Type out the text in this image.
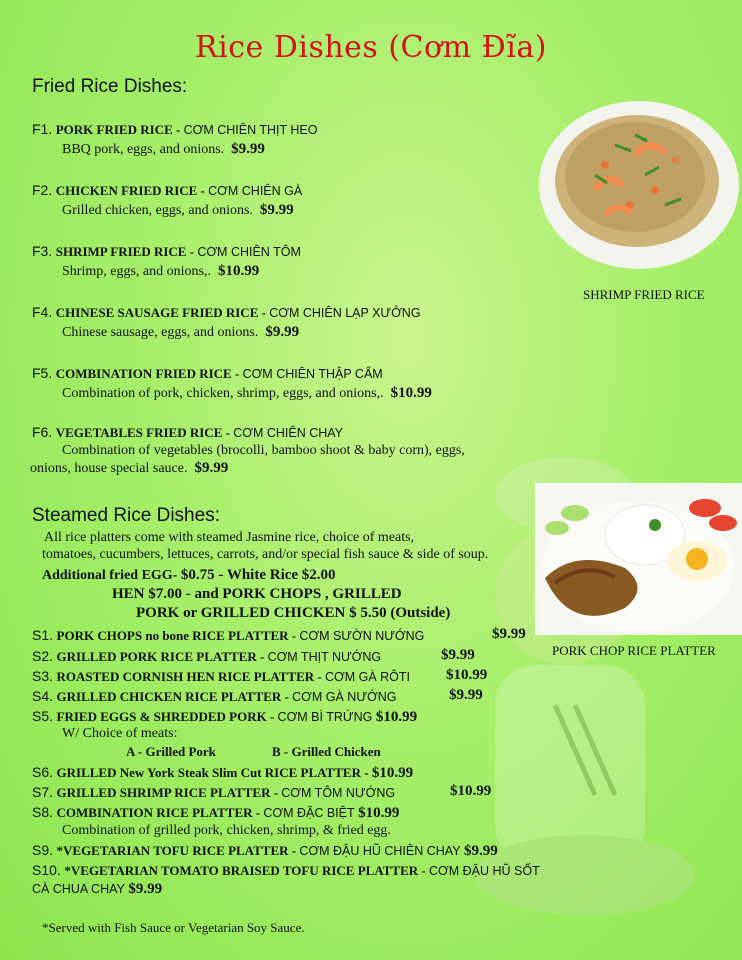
Rice Dishes (Cơm Đĩa)
Fried Rice Dishes:
F1. PORK FRIED RICE - CƠM CHIÊN THỊT HEO
BBQ pork, eggs, and onions. $9.99
F2. CHICKEN FRIED RICE - CƠM CHIÊN GÀ
Grilled chicken, eggs, and onions. $9.99
F3. SHRIMP FRIED RICE - CƠM CHIÊN TÔM
Shrimp, eggs, and onions,. $10.99
F4. CHINESE SAUSAGE FRIED RICE - CƠM CHIÊN LẠP XƯỞNG
Chinese sausage, eggs, and onions. $9.99
F5. COMBINATION FRIED RICE - CƠM CHIÊN THẬP CẨM
Combination of pork, chicken, shrimp, eggs, and onions,. $10.99
F6. VEGETABLES FRIED RICE - CƠM CHIÊN CHAY
Combination of vegetables (brocolli, bamboo shoot & baby corn), eggs,
onions, house special sauce. $9.99
SHRIMP FRIED RICE
PORK CHOP RICE PLATTER
Steamed Rice Dishes:
All rice platters come with steamed Jasmine rice, choice of meats,
tomatoes, cucumbers, lettuces, carrots, and/or special fish sauce & side of soup.
Additional fried EGG- $0.75 - White Rice $2.00
HEN $7.00 - and PORK CHOPS , GRILLED
PORK or GRILLED CHICKEN $ 5.50 (Outside)
S1. PORK CHOPS no bone RICE PLATTER - CƠM SƯỜN NƯỚNG	$9.99
S2. GRILLED PORK RICE PLATTER - CƠM THỊT NƯỚNG	$9.99
S3. ROASTED CORNISH HEN RICE PLATTER - CƠM GÀ RÔTI $10.99
S4. GRILLED CHICKEN RICE PLATTER - CƠM GÀ NƯỚNG	$9.99
S5. FRIED EGGS & SHREDDED PORK - CƠM BÌ TRỨNG $10.99
W/ Choice of meats:
A - Grilled Pork	B - Grilled Chicken
S6. GRILLED New York Steak Slim Cut RICE PLATTER - $10.99
S7. GRILLED SHRIMP RICE PLATTER - CƠM TÔM NƯỚNG	$10.99
S8. COMBINATION RICE PLATTER - CƠM ĐẶC BIỆT $10.99
Combination of grilled pork, chicken, shrimp, & fried egg.
S9. *VEGETARIAN TOFU RICE PLATTER - CƠM ĐẬU HŨ CHIÊN CHAY $9.99
S10. *VEGETARIAN TOMATO BRAISED TOFU RICE PLATTER - CƠM ĐẬU HŨ SỐT
CÀ CHUA CHAY $9.99
*Served with Fish Sauce or Vegetarian Soy Sauce.
